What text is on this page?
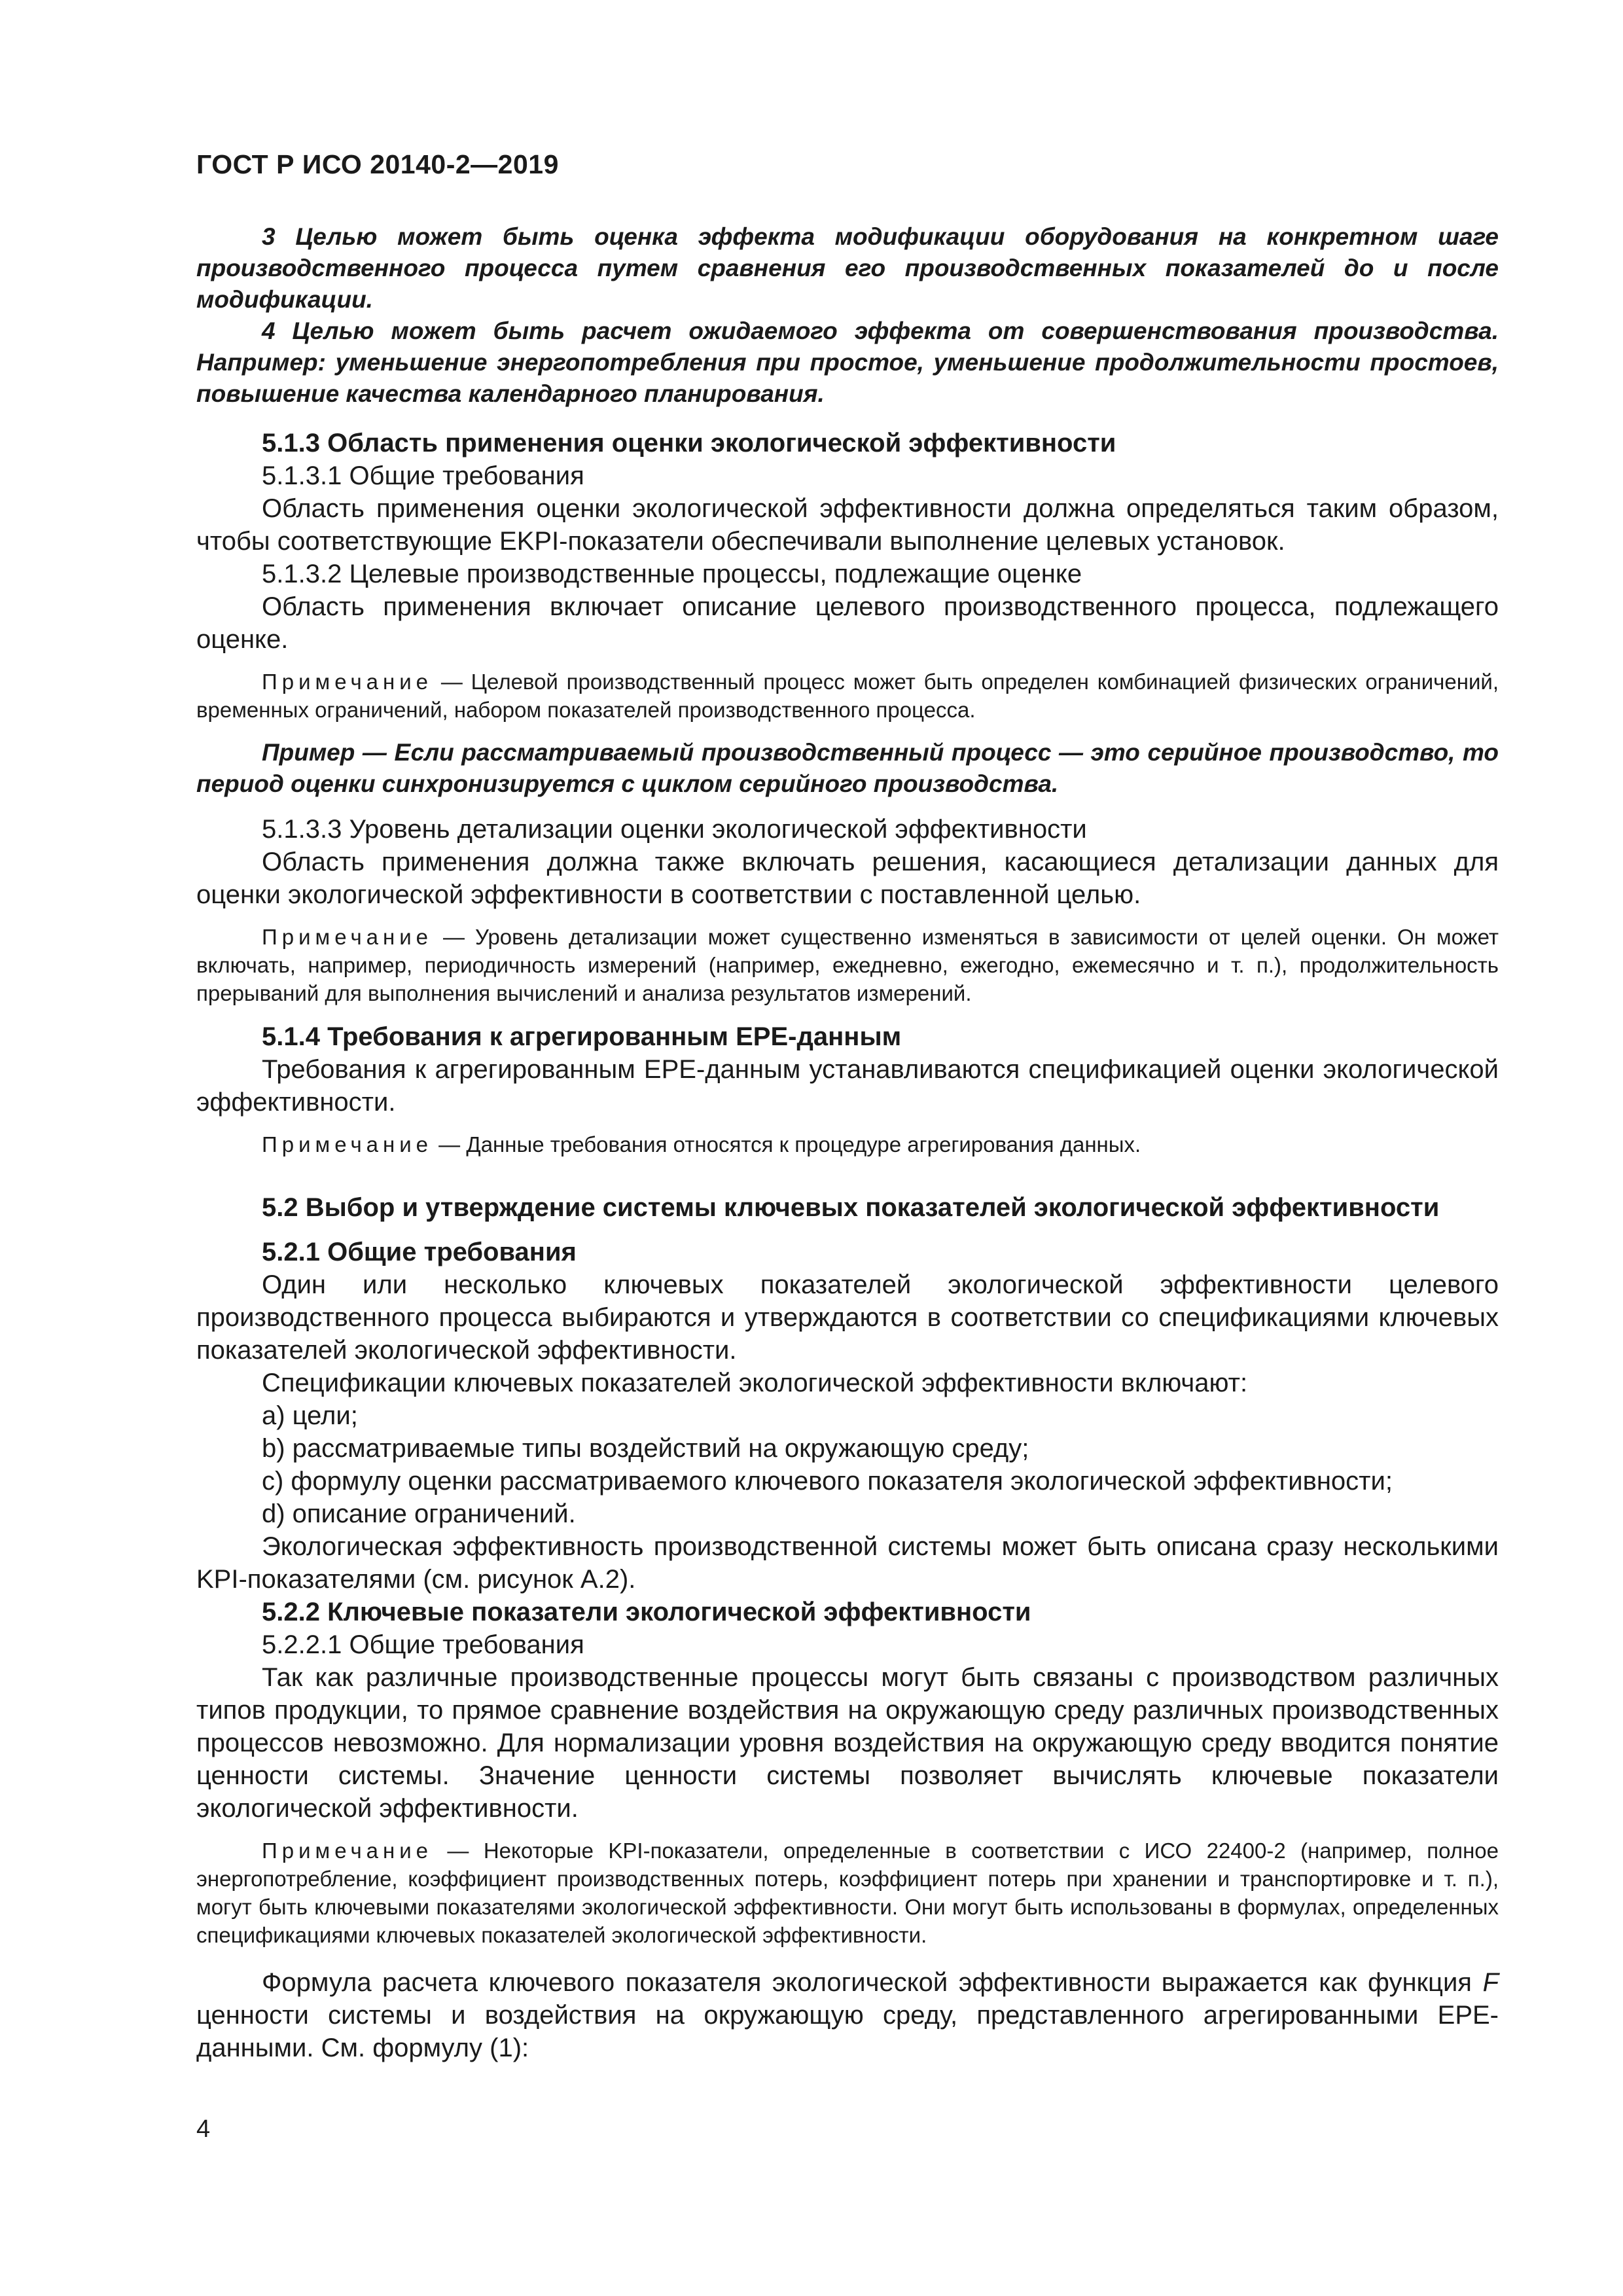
ГОСТ Р ИСО 20140-2—2019

3 Целью может быть оценка эффекта модификации оборудования на конкретном шаге производственного процесса путем сравнения его производственных показателей до и после модификации.

4 Целью может быть расчет ожидаемого эффекта от совершенствования производства. Например: уменьшение энергопотребления при простое, уменьшение продолжительности простоев, повышение качества календарного планирования.

5.1.3 Область применения оценки экологической эффективности

5.1.3.1 Общие требования

Область применения оценки экологической эффективности должна определяться таким образом, чтобы соответствующие EKPI-показатели обеспечивали выполнение целевых установок.

5.1.3.2 Целевые производственные процессы, подлежащие оценке

Область применения включает описание целевого производственного процесса, подлежащего оценке.

Примечание — Целевой производственный процесс может быть определен комбинацией физических ограничений, временных ограничений, набором показателей производственного процесса.

Пример — Если рассматриваемый производственный процесс — это серийное производство, то период оценки синхронизируется с циклом серийного производства.

5.1.3.3 Уровень детализации оценки экологической эффективности

Область применения должна также включать решения, касающиеся детализации данных для оценки экологической эффективности в соответствии с поставленной целью.

Примечание — Уровень детализации может существенно изменяться в зависимости от целей оценки. Он может включать, например, периодичность измерений (например, ежедневно, ежегодно, ежемесячно и т. п.), продолжительность прерываний для выполнения вычислений и анализа результатов измерений.

5.1.4 Требования к агрегированным EPE-данным

Требования к агрегированным EPE-данным устанавливаются спецификацией оценки экологической эффективности.

Примечание — Данные требования относятся к процедуре агрегирования данных.

5.2 Выбор и утверждение системы ключевых показателей экологической эффективности

5.2.1 Общие требования

Один или несколько ключевых показателей экологической эффективности целевого производственного процесса выбираются и утверждаются в соответствии со спецификациями ключевых показателей экологической эффективности.

Спецификации ключевых показателей экологической эффективности включают:

a) цели;

b) рассматриваемые типы воздействий на окружающую среду;

c) формулу оценки рассматриваемого ключевого показателя экологической эффективности;

d) описание ограничений.

Экологическая эффективность производственной системы может быть описана сразу несколькими KPI-показателями (см. рисунок А.2).

5.2.2 Ключевые показатели экологической эффективности

5.2.2.1 Общие требования

Так как различные производственные процессы могут быть связаны с производством различных типов продукции, то прямое сравнение воздействия на окружающую среду различных производственных процессов невозможно. Для нормализации уровня воздействия на окружающую среду вводится понятие ценности системы. Значение ценности системы позволяет вычислять ключевые показатели экологической эффективности.

Примечание — Некоторые KPI-показатели, определенные в соответствии с ИСО 22400-2 (например, полное энергопотребление, коэффициент производственных потерь, коэффициент потерь при хранении и транспортировке и т. п.), могут быть ключевыми показателями экологической эффективности. Они могут быть использованы в формулах, определенных спецификациями ключевых показателей экологической эффективности.

Формула расчета ключевого показателя экологической эффективности выражается как функция F ценности системы и воздействия на окружающую среду, представленного агрегированными EPE-данными. См. формулу (1):

4
